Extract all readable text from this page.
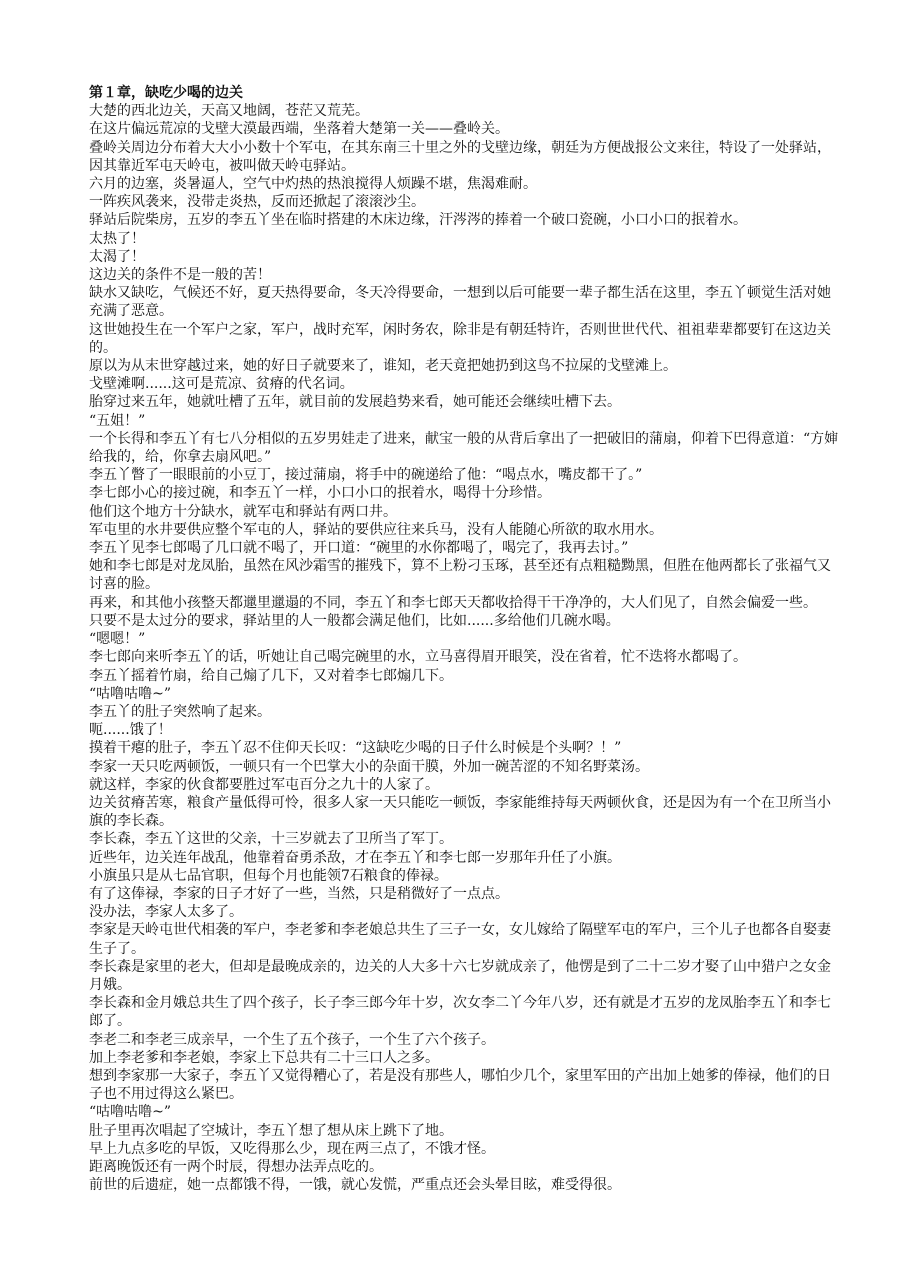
第１章，缺吃少喝的边关

大楚的西北边关，天高又地阔，苍茫又荒芜。

在这片偏远荒凉的戈壁大漠最西端，坐落着大楚第一关——叠岭关。

叠岭关周边分布着大大小小数十个军屯，在其东南三十里之外的戈壁边缘，朝廷为方便战报公文来往，特设了一处驿站，因其靠近军屯天岭屯，被叫做天岭屯驿站。

六月的边塞，炎暑逼人，空气中灼热的热浪搅得人烦躁不堪，焦渴难耐。

一阵疾风袭来，没带走炎热，反而还掀起了滚滚沙尘。

驿站后院柴房，五岁的李五丫坐在临时搭建的木床边缘，汗涔涔的捧着一个破口瓷碗，小口小口的抿着水。

太热了！

太渴了！

这边关的条件不是一般的苦！

缺水又缺吃，气候还不好，夏天热得要命，冬天冷得要命，一想到以后可能要一辈子都生活在这里，李五丫顿觉生活对她充满了恶意。

这世她投生在一个军户之家，军户，战时充军，闲时务农，除非是有朝廷特许，否则世世代代、祖祖辈辈都要钉在这边关的。

原以为从末世穿越过来，她的好日子就要来了，谁知，老天竟把她扔到这鸟不拉屎的戈壁滩上。

戈壁滩啊......这可是荒凉、贫瘠的代名词。

胎穿过来五年，她就吐槽了五年，就目前的发展趋势来看，她可能还会继续吐槽下去。

“五姐！”

一个长得和李五丫有七八分相似的五岁男娃走了进来，献宝一般的从背后拿出了一把破旧的蒲扇，仰着下巴得意道：“方婶给我的，给，你拿去扇风吧。”

李五丫瞥了一眼眼前的小豆丁，接过蒲扇，将手中的碗递给了他：“喝点水，嘴皮都干了。”

李七郎小心的接过碗，和李五丫一样，小口小口的抿着水，喝得十分珍惜。

他们这个地方十分缺水，就军屯和驿站有两口井。

军屯里的水井要供应整个军屯的人，驿站的要供应往来兵马，没有人能随心所欲的取水用水。

李五丫见李七郎喝了几口就不喝了，开口道：“碗里的水你都喝了，喝完了，我再去讨。”

她和李七郎是对龙凤胎，虽然在风沙霜雪的摧残下，算不上粉刁玉琢，甚至还有点粗糙黝黑，但胜在他两都长了张福气又讨喜的脸。

再来，和其他小孩整天都邋里邋遢的不同，李五丫和李七郎天天都收拾得干干净净的，大人们见了，自然会偏爱一些。

只要不是太过分的要求，驿站里的人一般都会满足他们，比如......多给他们几碗水喝。

“嗯嗯！”

李七郎向来听李五丫的话，听她让自己喝完碗里的水，立马喜得眉开眼笑，没在省着，忙不迭将水都喝了。

李五丫摇着竹扇，给自己煽了几下，又对着李七郎煽几下。

“咕噜咕噜~”

李五丫的肚子突然响了起来。

呃......饿了！

摸着干瘪的肚子，李五丫忍不住仰天长叹：“这缺吃少喝的日子什么时候是个头啊？！”

李家一天只吃两顿饭，一顿只有一个巴掌大小的杂面干膜，外加一碗苦涩的不知名野菜汤。

就这样，李家的伙食都要胜过军屯百分之九十的人家了。

边关贫瘠苦寒，粮食产量低得可怜，很多人家一天只能吃一顿饭，李家能维持每天两顿伙食，还是因为有一个在卫所当小旗的李长森。

李长森，李五丫这世的父亲，十三岁就去了卫所当了军丁。

近些年，边关连年战乱，他靠着奋勇杀敌，才在李五丫和李七郎一岁那年升任了小旗。

小旗虽只是从七品官职，但每个月也能领7石粮食的俸禄。

有了这俸禄，李家的日子才好了一些，当然，只是稍微好了一点点。

没办法，李家人太多了。

李家是天岭屯世代相袭的军户，李老爹和李老娘总共生了三子一女，女儿嫁给了隔壁军屯的军户，三个儿子也都各自娶妻生子了。

李长森是家里的老大，但却是最晚成亲的，边关的人大多十六七岁就成亲了，他愣是到了二十二岁才娶了山中猎户之女金月娥。

李长森和金月娥总共生了四个孩子，长子李三郎今年十岁，次女李二丫今年八岁，还有就是才五岁的龙凤胎李五丫和李七郎了。

李老二和李老三成亲早，一个生了五个孩子，一个生了六个孩子。

加上李老爹和李老娘，李家上下总共有二十三口人之多。

想到李家那一大家子，李五丫又觉得糟心了，若是没有那些人，哪怕少几个，家里军田的产出加上她爹的俸禄，他们的日子也不用过得这么紧巴。

“咕噜咕噜~”

肚子里再次唱起了空城计，李五丫想了想从床上跳下了地。

早上九点多吃的早饭，又吃得那么少，现在两三点了，不饿才怪。

距离晚饭还有一两个时辰，得想办法弄点吃的。

前世的后遗症，她一点都饿不得，一饿，就心发慌，严重点还会头晕目眩，难受得很。
